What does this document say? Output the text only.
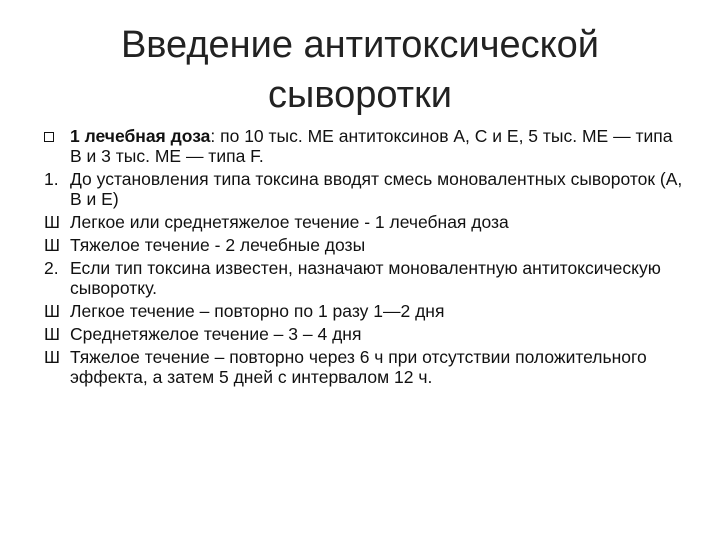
Введение антитоксической
сыворотки
1 лечебная доза: по 10 тыс. МЕ антитоксинов А, С и Е, 5 тыс. МЕ — типа В и 3 тыс. МЕ — типа F.
1. До установления типа токсина вводят смесь моновалентных сывороток (А, В и Е)
Ш Легкое или среднетяжелое течение - 1 лечебная доза
Ш Тяжелое течение - 2 лечебные дозы
2. Если тип токсина известен, назначают моновалентную антитоксическую сыворотку.
Ш Легкое течение – повторно по 1 разу 1—2 дня
Ш Среднетяжелое течение – 3 – 4 дня
Ш Тяжелое течение – повторно через 6 ч при отсутствии положительного эффекта, а затем 5 дней с интервалом 12 ч.
